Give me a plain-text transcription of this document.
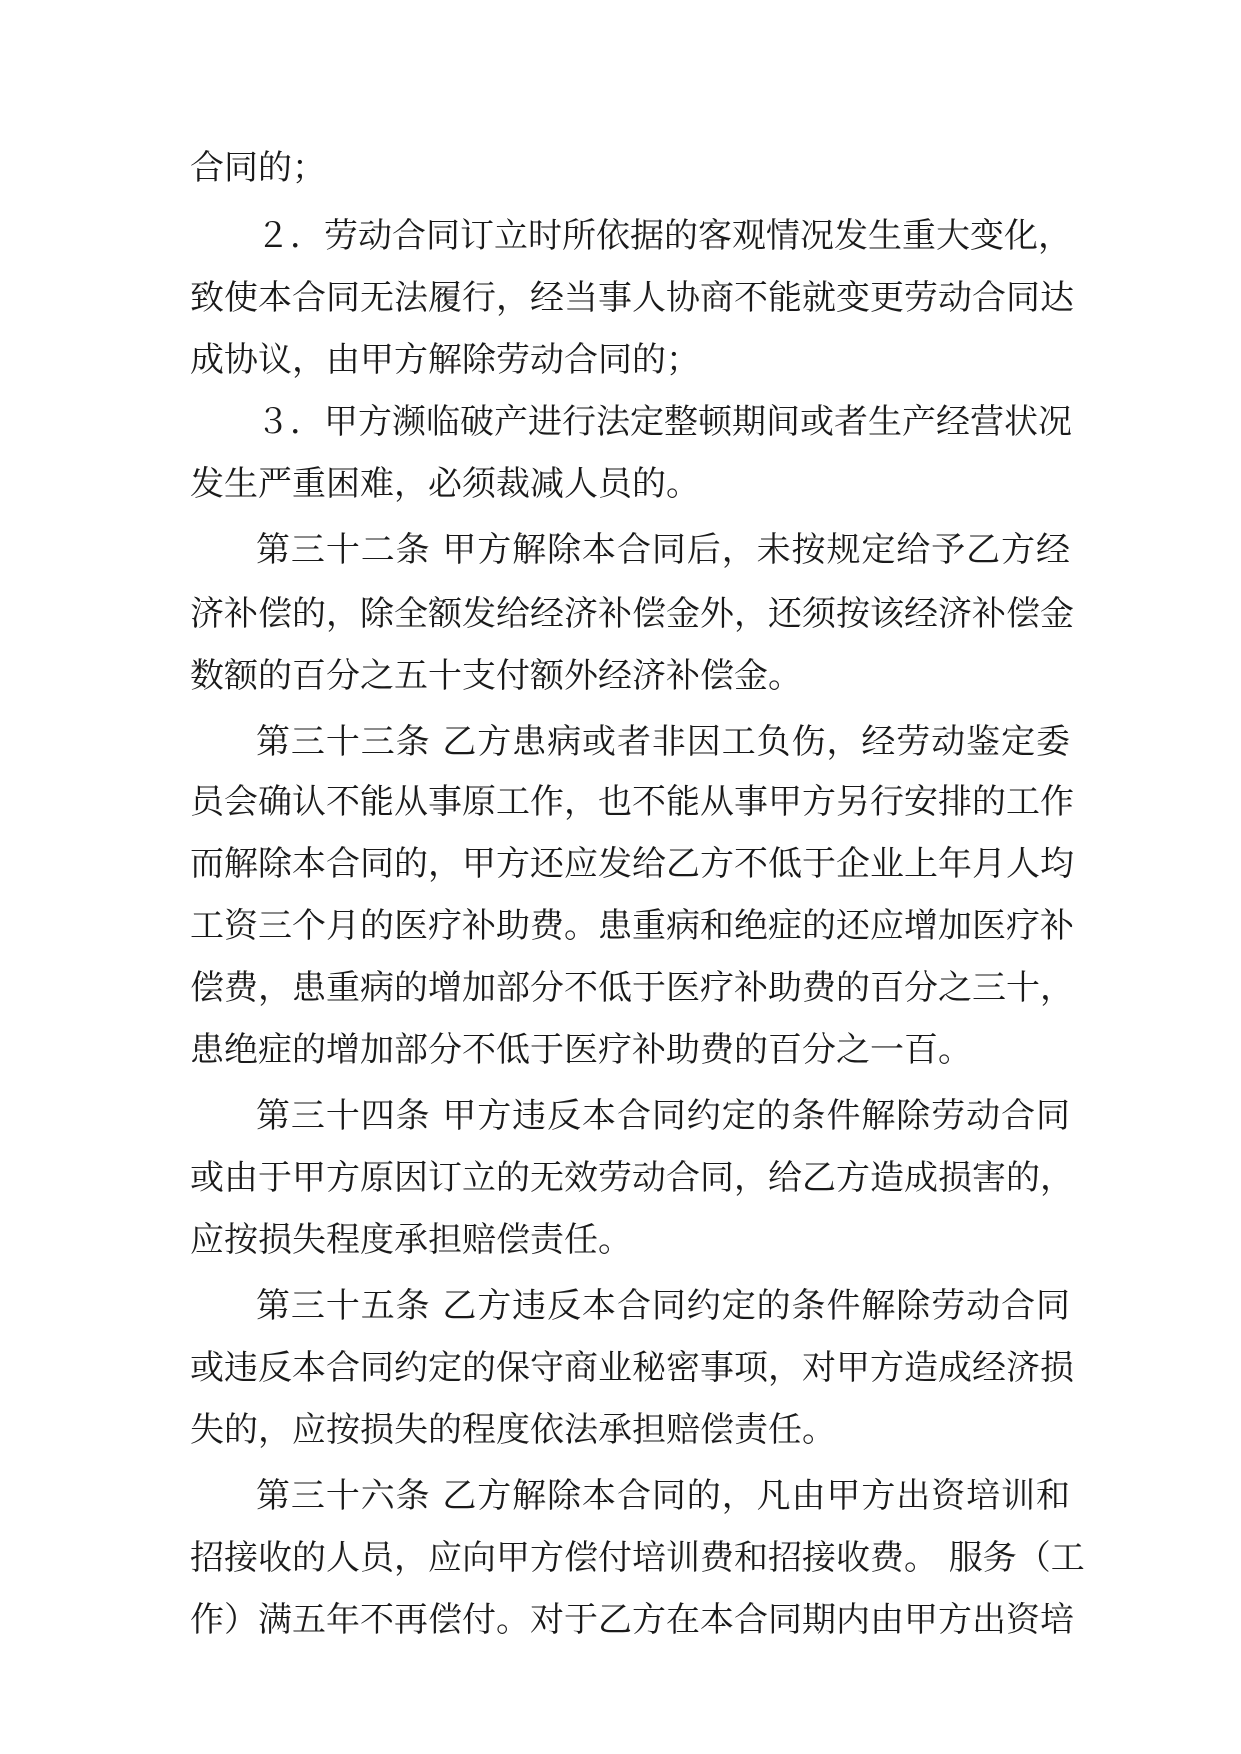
合同的；
２．劳动合同订立时所依据的客观情况发生重大变化，
致使本合同无法履行，经当事人协商不能就变更劳动合同达
成协议，由甲方解除劳动合同的；
３．甲方濒临破产进行法定整顿期间或者生产经营状况
发生严重困难，必须裁减人员的。
第三十二条 甲方解除本合同后，未按规定给予乙方经
济补偿的，除全额发给经济补偿金外，还须按该经济补偿金
数额的百分之五十支付额外经济补偿金。
第三十三条 乙方患病或者非因工负伤，经劳动鉴定委
员会确认不能从事原工作，也不能从事甲方另行安排的工作
而解除本合同的，甲方还应发给乙方不低于企业上年月人均
工资三个月的医疗补助费。患重病和绝症的还应增加医疗补
偿费，患重病的增加部分不低于医疗补助费的百分之三十，
患绝症的增加部分不低于医疗补助费的百分之一百。
第三十四条 甲方违反本合同约定的条件解除劳动合同
或由于甲方原因订立的无效劳动合同，给乙方造成损害的，
应按损失程度承担赔偿责任。
第三十五条 乙方违反本合同约定的条件解除劳动合同
或违反本合同约定的保守商业秘密事项，对甲方造成经济损
失的，应按损失的程度依法承担赔偿责任。
第三十六条 乙方解除本合同的，凡由甲方出资培训和
招接收的人员，应向甲方偿付培训费和招接收费。 服务（工
作）满五年不再偿付。对于乙方在本合同期内由甲方出资培
